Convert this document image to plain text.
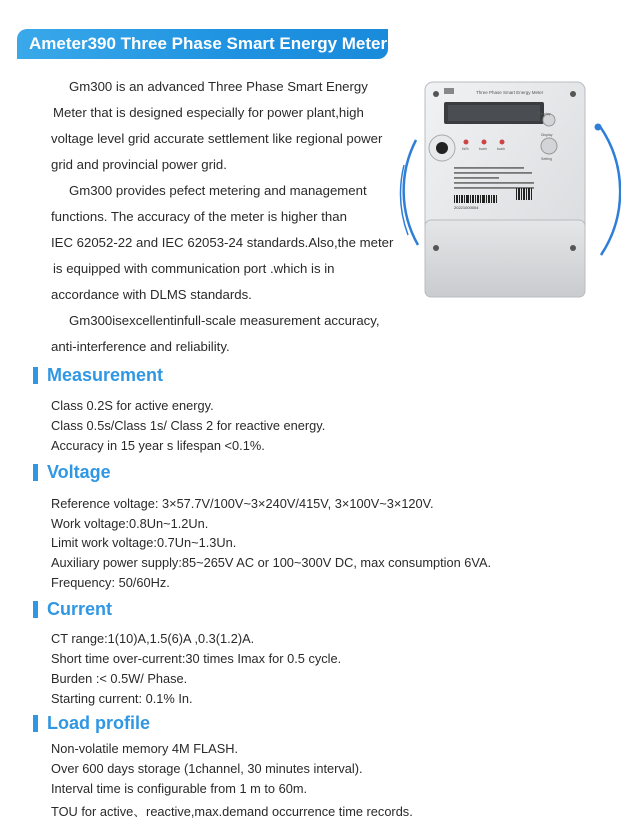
Ameter390 Three Phase Smart Energy Meter

Gm300 is an advanced Three Phase Smart Energy

Meter that is designed especially for power plant,high

voltage level grid accurate settlement like regional power

grid and provincial power grid.

Gm300 provides pefect metering and management

functions. The accuracy of the meter is higher than

IEC 62052-22 and IEC 62053-24 standards.Also,the meter

is equipped with communication port .which is in

accordance with DLMS standards.

Gm300isexcellentinfull-scale measurement accuracy,

anti-interference and reliability.

Three Phase Smart Energy Meter
Display
Display
Setting
kWh	kvarh	kvarh
20221000004
Measurement

Class 0.2S for active energy.

Class 0.5s/Class 1s/ Class 2 for reactive energy.

Accuracy in 15 year s lifespan <0.1%.

Voltage

Reference voltage: 3×57.7V/100V~3×240V/415V, 3×100V~3×120V.

Work voltage:0.8Un~1.2Un.

Limit work voltage:0.7Un~1.3Un.

Auxiliary power supply:85~265V AC or 100~300V DC, max consumption 6VA.

Frequency: 50/60Hz.

Current

CT range:1(10)A,1.5(6)A ,0.3(1.2)A.

Short time over-current:30 times Imax for 0.5 cycle.

Burden :< 0.5W/ Phase.

Starting current: 0.1% In.

Load profile

Non-volatile memory 4M FLASH.

Over 600 days storage (1channel, 30 minutes interval).

Interval time is configurable from 1 m to 60m.

TOU for active、reactive,max.demand occurrence time records.
